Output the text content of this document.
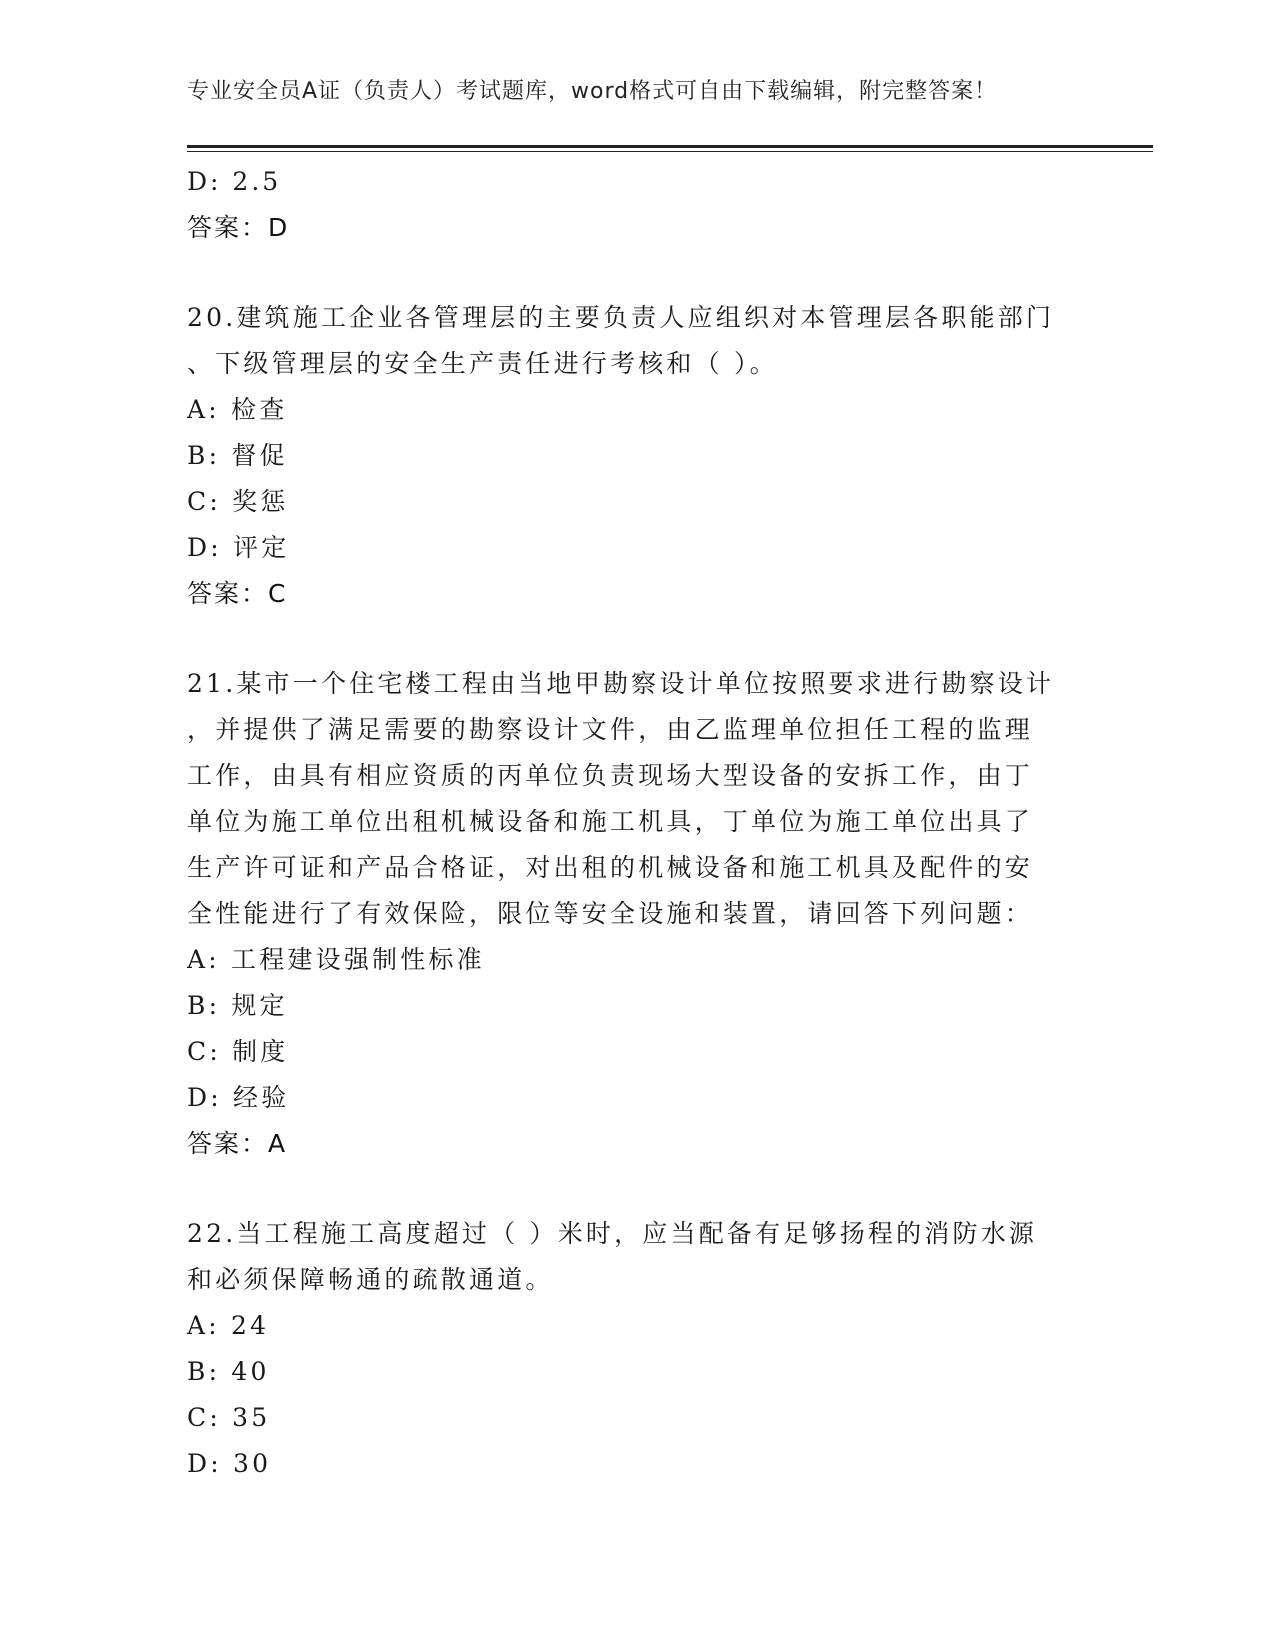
专业安全员A证（负责人）考试题库，word格式可自由下载编辑，附完整答案！
D: 2.5
答案：D
20.建筑施工企业各管理层的主要负责人应组织对本管理层各职能部门
、下级管理层的安全生产责任进行考核和（ ）。
A: 检查
B: 督促
C: 奖惩
D: 评定
答案：C
21.某市一个住宅楼工程由当地甲勘察设计单位按照要求进行勘察设计
，并提供了满足需要的勘察设计文件，由乙监理单位担任工程的监理
工作，由具有相应资质的丙单位负责现场大型设备的安拆工作，由丁
单位为施工单位出租机械设备和施工机具，丁单位为施工单位出具了
生产许可证和产品合格证，对出租的机械设备和施工机具及配件的安
全性能进行了有效保险，限位等安全设施和装置，请回答下列问题：
A: 工程建设强制性标准
B: 规定
C: 制度
D: 经验
答案：A
22.当工程施工高度超过（ ）米时，应当配备有足够扬程的消防水源
和必须保障畅通的疏散通道。
A: 24
B: 40
C: 35
D: 30
